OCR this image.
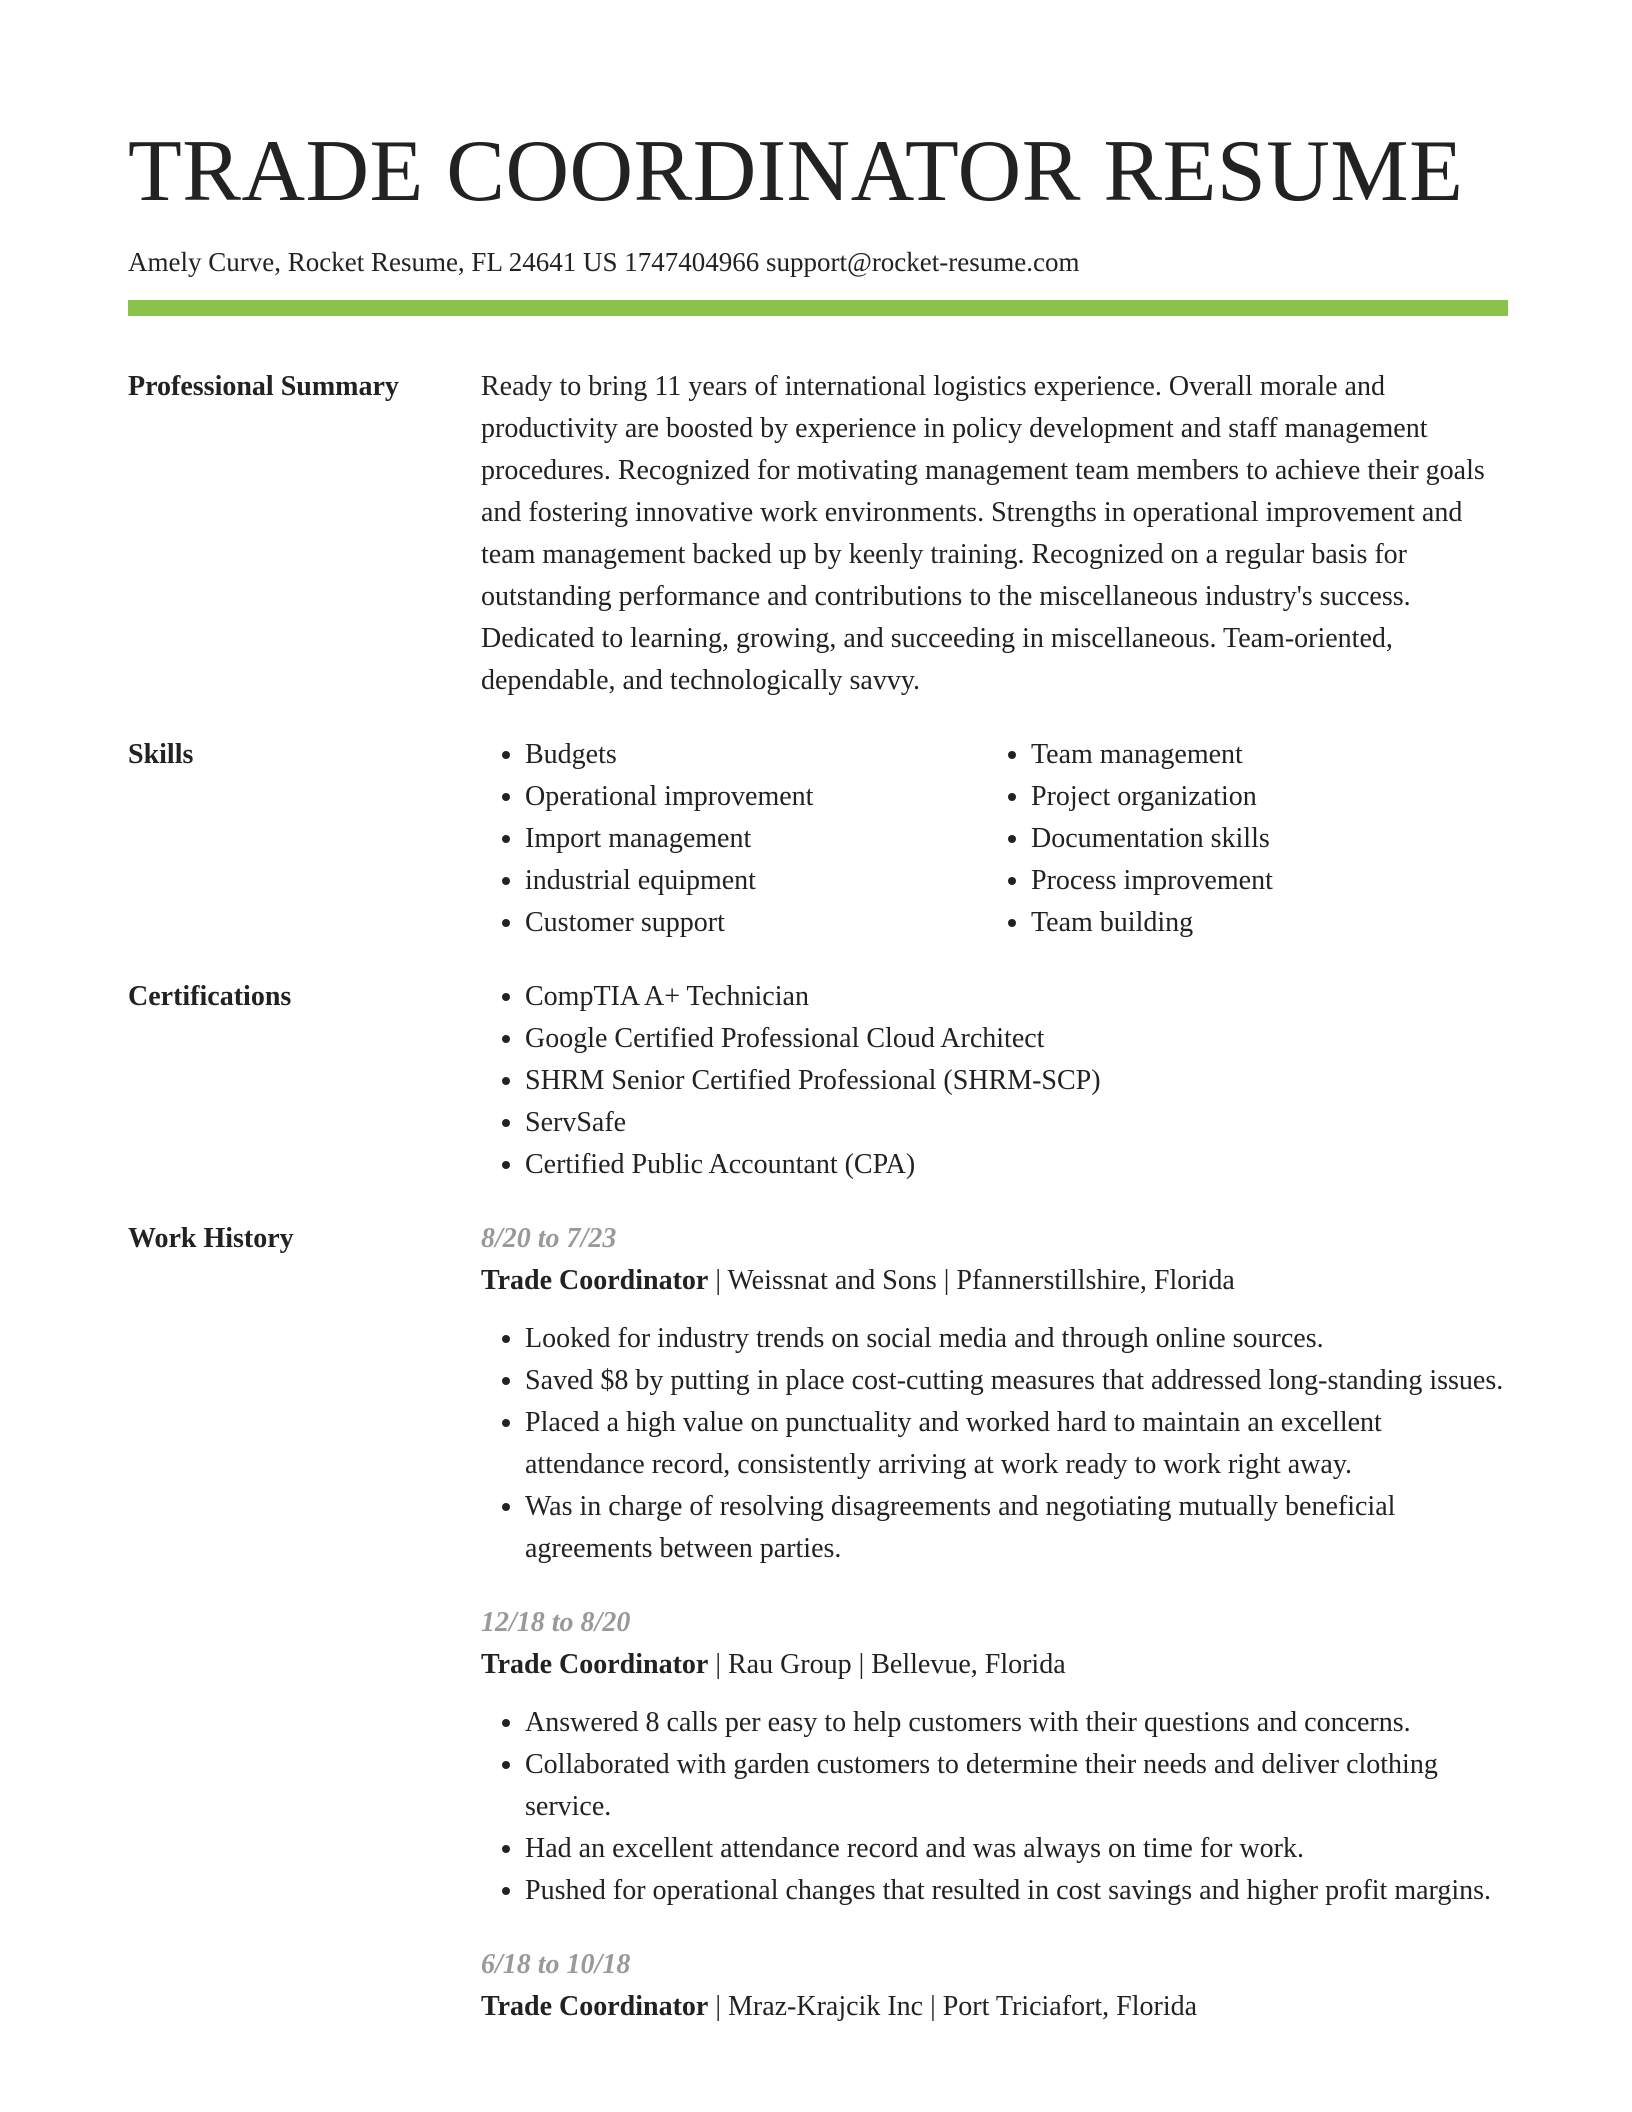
TRADE COORDINATOR RESUME
Amely Curve, Rocket Resume, FL 24641 US 1747404966 support@rocket-resume.com
Professional Summary	Ready to bring 11 years of international logistics experience. Overall morale and productivity are boosted by experience in policy development and staff management procedures. Recognized for motivating management team members to achieve their goals and fostering innovative work environments. Strengths in operational improvement and team management backed up by keenly training. Recognized on a regular basis for outstanding performance and contributions to the miscellaneous industry's success. Dedicated to learning, growing, and succeeding in miscellaneous. Team-oriented, dependable, and technologically savvy.

Skills	• Budgets
• Operational improvement
• Import management
• industrial equipment
• Customer support
• Team management
• Project organization
• Documentation skills
• Process improvement
• Team building
Certifications	• CompTIA A+ Technician
• Google Certified Professional Cloud Architect
• SHRM Senior Certified Professional (SHRM-SCP)
• ServSafe
• Certified Public Accountant (CPA)
Work History	8/20 to 7/23
Trade Coordinator | Weissnat and Sons | Pfannerstillshire, Florida
• Looked for industry trends on social media and through online sources.
• Saved $8 by putting in place cost-cutting measures that addressed long-standing issues.
• Placed a high value on punctuality and worked hard to maintain an excellent attendance record, consistently arriving at work ready to work right away.
• Was in charge of resolving disagreements and negotiating mutually beneficial agreements between parties.
12/18 to 8/20
Trade Coordinator | Rau Group | Bellevue, Florida
• Answered 8 calls per easy to help customers with their questions and concerns.
• Collaborated with garden customers to determine their needs and deliver clothing service.
• Had an excellent attendance record and was always on time for work.
• Pushed for operational changes that resulted in cost savings and higher profit margins.
6/18 to 10/18
Trade Coordinator | Mraz-Krajcik Inc | Port Triciafort, Florida
